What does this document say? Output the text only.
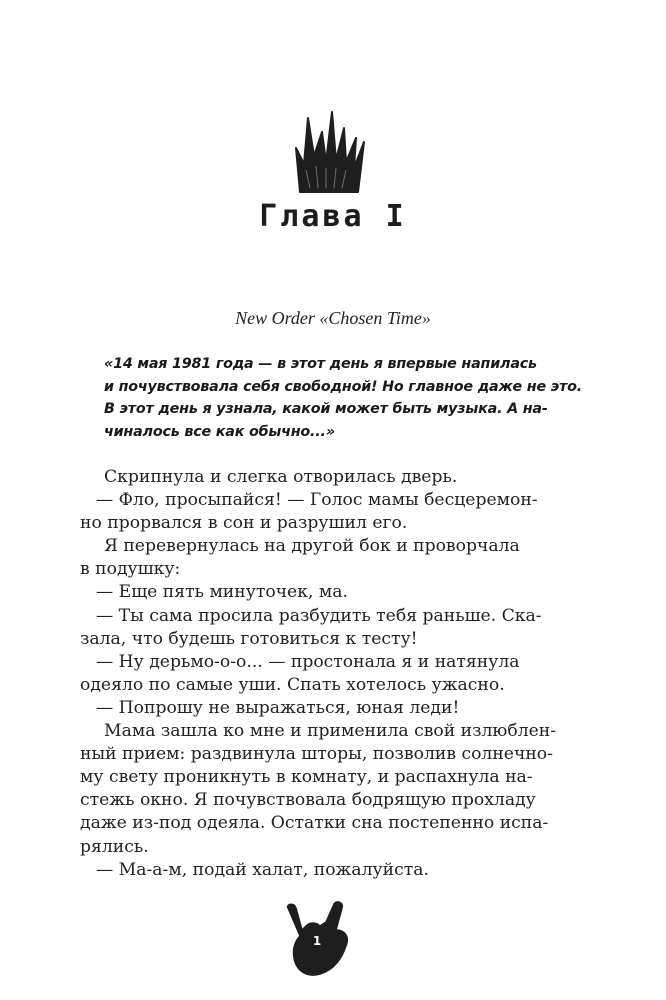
Глава I
New Order «Chosen Time»
«14 мая 1981 года — в этот день я впервые напилась
и почувствовала себя свободной! Но главное даже не это.
В этот день я узнала, какой может быть музыка. А на-
чиналось все как обычно...»
Скрипнула и слегка отворилась дверь.
— Фло, просыпайся! — Голос мамы бесцеремон-
но прорвался в сон и разрушил его.
Я перевернулась на другой бок и проворчала
в подушку:
— Еще пять минуточек, ма.
— Ты сама просила разбудить тебя раньше. Ска-
зала, что будешь готовиться к тесту!
— Ну дерьмо-о-о... — простонала я и натянула
одеяло по самые уши. Спать хотелось ужасно.
— Попрошу не выражаться, юная леди!
Мама зашла ко мне и применила свой излюблен-
ный прием: раздвинула шторы, позволив солнечно-
му свету проникнуть в комнату, и распахнула на-
стежь окно. Я почувствовала бодрящую прохладу
даже из-под одеяла. Остатки сна постепенно испа-
рялись.
— Ма-а-м, подай халат, пожалуйста.
1
